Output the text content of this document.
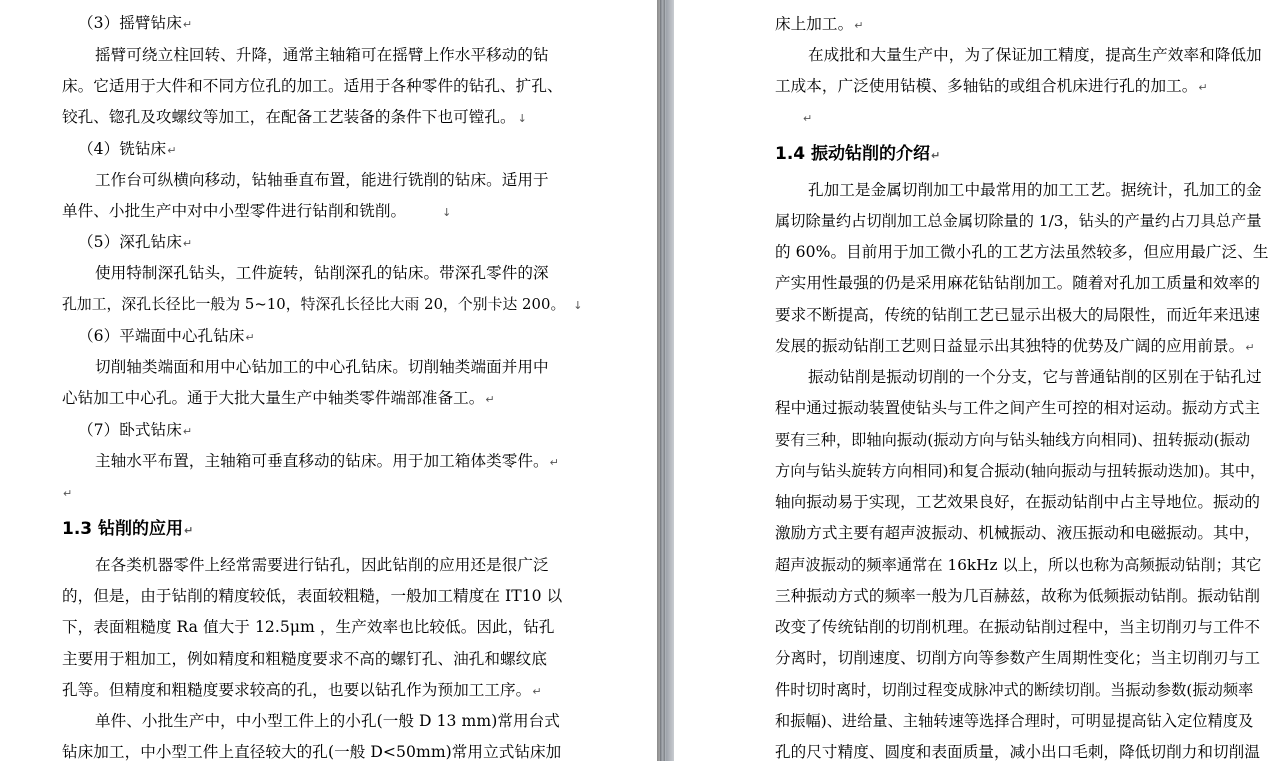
（3）摇臂钻床↵
摇臂可绕立柱回转、升降，通常主轴箱可在摇臂上作水平移动的钻
床。它适用于大件和不同方位孔的加工。适用于各种零件的钻孔、扩孔、
铰孔、锪孔及攻螺纹等加工，在配备工艺装备的条件下也可镗孔。 ↓
（4）铣钻床↵
工作台可纵横向移动，钻轴垂直布置，能进行铣削的钻床。适用于
单件、小批生产中对中小型零件进行钻削和铣削。	↓
（5）深孔钻床↵
使用特制深孔钻头，工件旋转，钻削深孔的钻床。带深孔零件的深
孔加工，深孔长径比一般为 5~10，特深孔长径比大雨 20，个别卡达 200。 ↓
（6）平端面中心孔钻床↵
切削轴类端面和用中心钻加工的中心孔钻床。切削轴类端面并用中
心钻加工中心孔。通于大批大量生产中轴类零件端部准备工。↵
（7）卧式钻床↵
主轴水平布置，主轴箱可垂直移动的钻床。用于加工箱体类零件。↵
↵
1.3 钻削的应用↵
在各类机器零件上经常需要进行钻孔，因此钻削的应用还是很广泛
的，但是，由于钻削的精度较低，表面较粗糙，一般加工精度在 IT10 以
下，表面粗糙度 Ra 值大于 12.5μm ，生产效率也比较低。因此，钻孔
主要用于粗加工，例如精度和粗糙度要求不高的螺钉孔、油孔和螺纹底
孔等。但精度和粗糙度要求较高的孔，也要以钻孔作为预加工工序。↵
单件、小批生产中，中小型工件上的小孔(一般 D 13 mm)常用台式
钻床加工，中小型工件上直径较大的孔(一般 D<50mm)常用立式钻床加
床上加工。↵
在成批和大量生产中，为了保证加工精度，提高生产效率和降低加
工成本，广泛使用钻模、多轴钻的或组合机床进行孔的加工。↵
↵
1.4 振动钻削的介绍↵
孔加工是金属切削加工中最常用的加工工艺。据统计，孔加工的金
属切除量约占切削加工总金属切除量的 1/3，钻头的产量约占刀具总产量
的 60%。目前用于加工微小孔的工艺方法虽然较多，但应用最广泛、生
产实用性最强的仍是采用麻花钻钻削加工。随着对孔加工质量和效率的
要求不断提高，传统的钻削工艺已显示出极大的局限性，而近年来迅速
发展的振动钻削工艺则日益显示出其独特的优势及广阔的应用前景。↵
振动钻削是振动切削的一个分支，它与普通钻削的区别在于钻孔过
程中通过振动装置使钻头与工件之间产生可控的相对运动。振动方式主
要有三种，即轴向振动(振动方向与钻头轴线方向相同)、扭转振动(振动
方向与钻头旋转方向相同)和复合振动(轴向振动与扭转振动迭加)。其中，
轴向振动易于实现，工艺效果良好，在振动钻削中占主导地位。振动的
激励方式主要有超声波振动、机械振动、液压振动和电磁振动。其中，
超声波振动的频率通常在 16kHz 以上，所以也称为高频振动钻削；其它
三种振动方式的频率一般为几百赫兹，故称为低频振动钻削。振动钻削
改变了传统钻削的切削机理。在振动钻削过程中，当主切削刃与工件不
分离时，切削速度、切削方向等参数产生周期性变化；当主切削刃与工
件时切时离时，切削过程变成脉冲式的断续切削。当振动参数(振动频率
和振幅)、进给量、主轴转速等选择合理时，可明显提高钻入定位精度及
孔的尺寸精度、圆度和表面质量，减小出口毛刺，降低切削力和切削温
